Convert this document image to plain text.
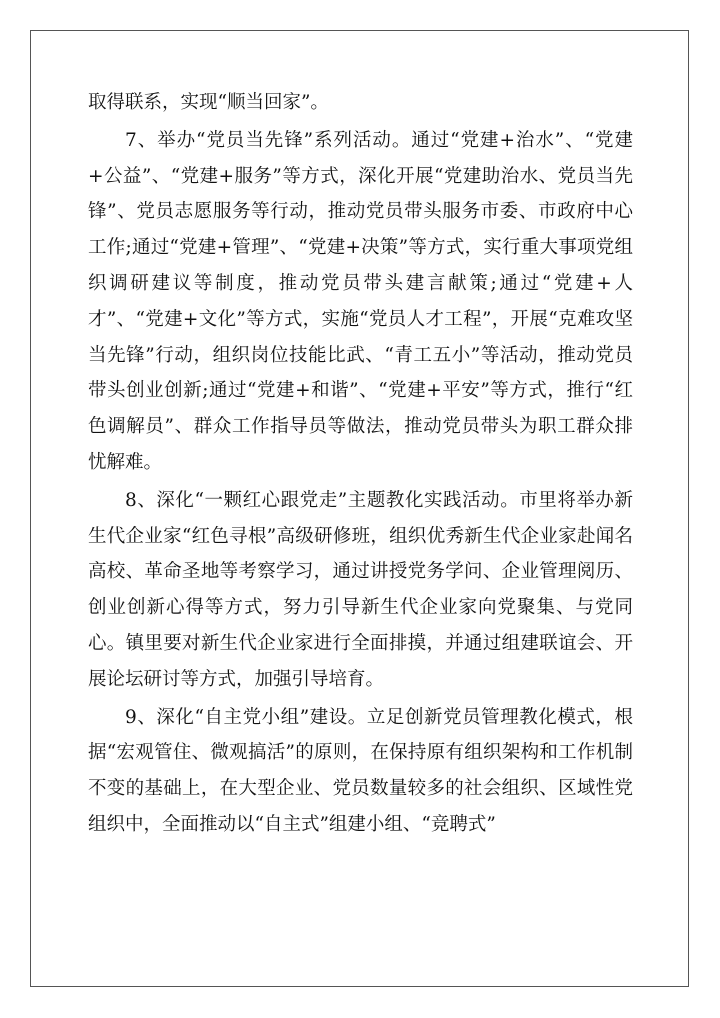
取得联系，实现“顺当回家”。

7、举办“党员当先锋”系列活动。通过“党建+治水”、“党建+公益”、“党建+服务”等方式，深化开展“党建助治水、党员当先锋”、党员志愿服务等行动，推动党员带头服务市委、市政府中心工作;通过“党建+管理”、“党建+决策”等方式，实行重大事项党组织调研建议等制度，推动党员带头建言献策;通过“党建+人才”、“党建+文化”等方式，实施“党员人才工程”，开展“克难攻坚当先锋”行动，组织岗位技能比武、“青工五小”等活动，推动党员带头创业创新;通过“党建+和谐”、“党建+平安”等方式，推行“红色调解员”、群众工作指导员等做法，推动党员带头为职工群众排忧解难。

8、深化“一颗红心跟党走”主题教化实践活动。市里将举办新生代企业家“红色寻根”高级研修班，组织优秀新生代企业家赴闻名高校、革命圣地等考察学习，通过讲授党务学问、企业管理阅历、创业创新心得等方式，努力引导新生代企业家向党聚集、与党同心。镇里要对新生代企业家进行全面排摸，并通过组建联谊会、开展论坛研讨等方式，加强引导培育。

9、深化“自主党小组”建设。立足创新党员管理教化模式，根据“宏观管住、微观搞活”的原则，在保持原有组织架构和工作机制不变的基础上，在大型企业、党员数量较多的社会组织、区域性党组织中，全面推动以“自主式”组建小组、“竞聘式”
